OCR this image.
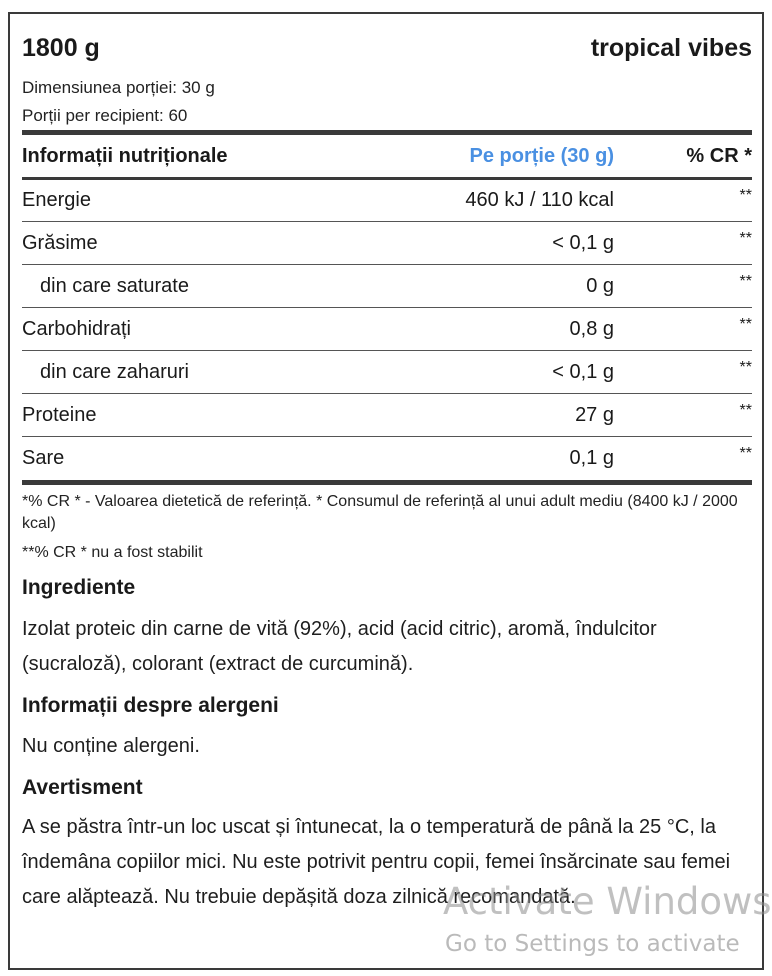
1800 g	tropical vibes
Dimensiunea porției: 30 g
Porții per recipient: 60
Informații nutriționale	Pe porție (30 g)	% CR *
Energie	460 kJ / 110 kcal	**
Grăsime	< 0,1 g	**
din care saturate	0 g	**
Carbohidrați	0,8 g	**
din care zaharuri	< 0,1 g	**
Proteine	27 g	**
Sare	0,1 g	**
*% CR * - Valoarea dietetică de referință. * Consumul de referință al unui adult mediu (8400 kJ / 2000 kcal)
**% CR * nu a fost stabilit
Ingrediente
Izolat proteic din carne de vită (92%), acid (acid citric), aromă, îndulcitor (sucraloză), colorant (extract de curcumină).
Informații despre alergeni
Nu conține alergeni.
Avertisment
A se păstra într-un loc uscat și întunecat, la o temperatură de până la 25 °C, la îndemâna copiilor mici. Nu este potrivit pentru copii, femei însărcinate sau femei care alăptează. Nu trebuie depășită doza zilnică recomandată.
Activate Windows
Go to Settings to activate
